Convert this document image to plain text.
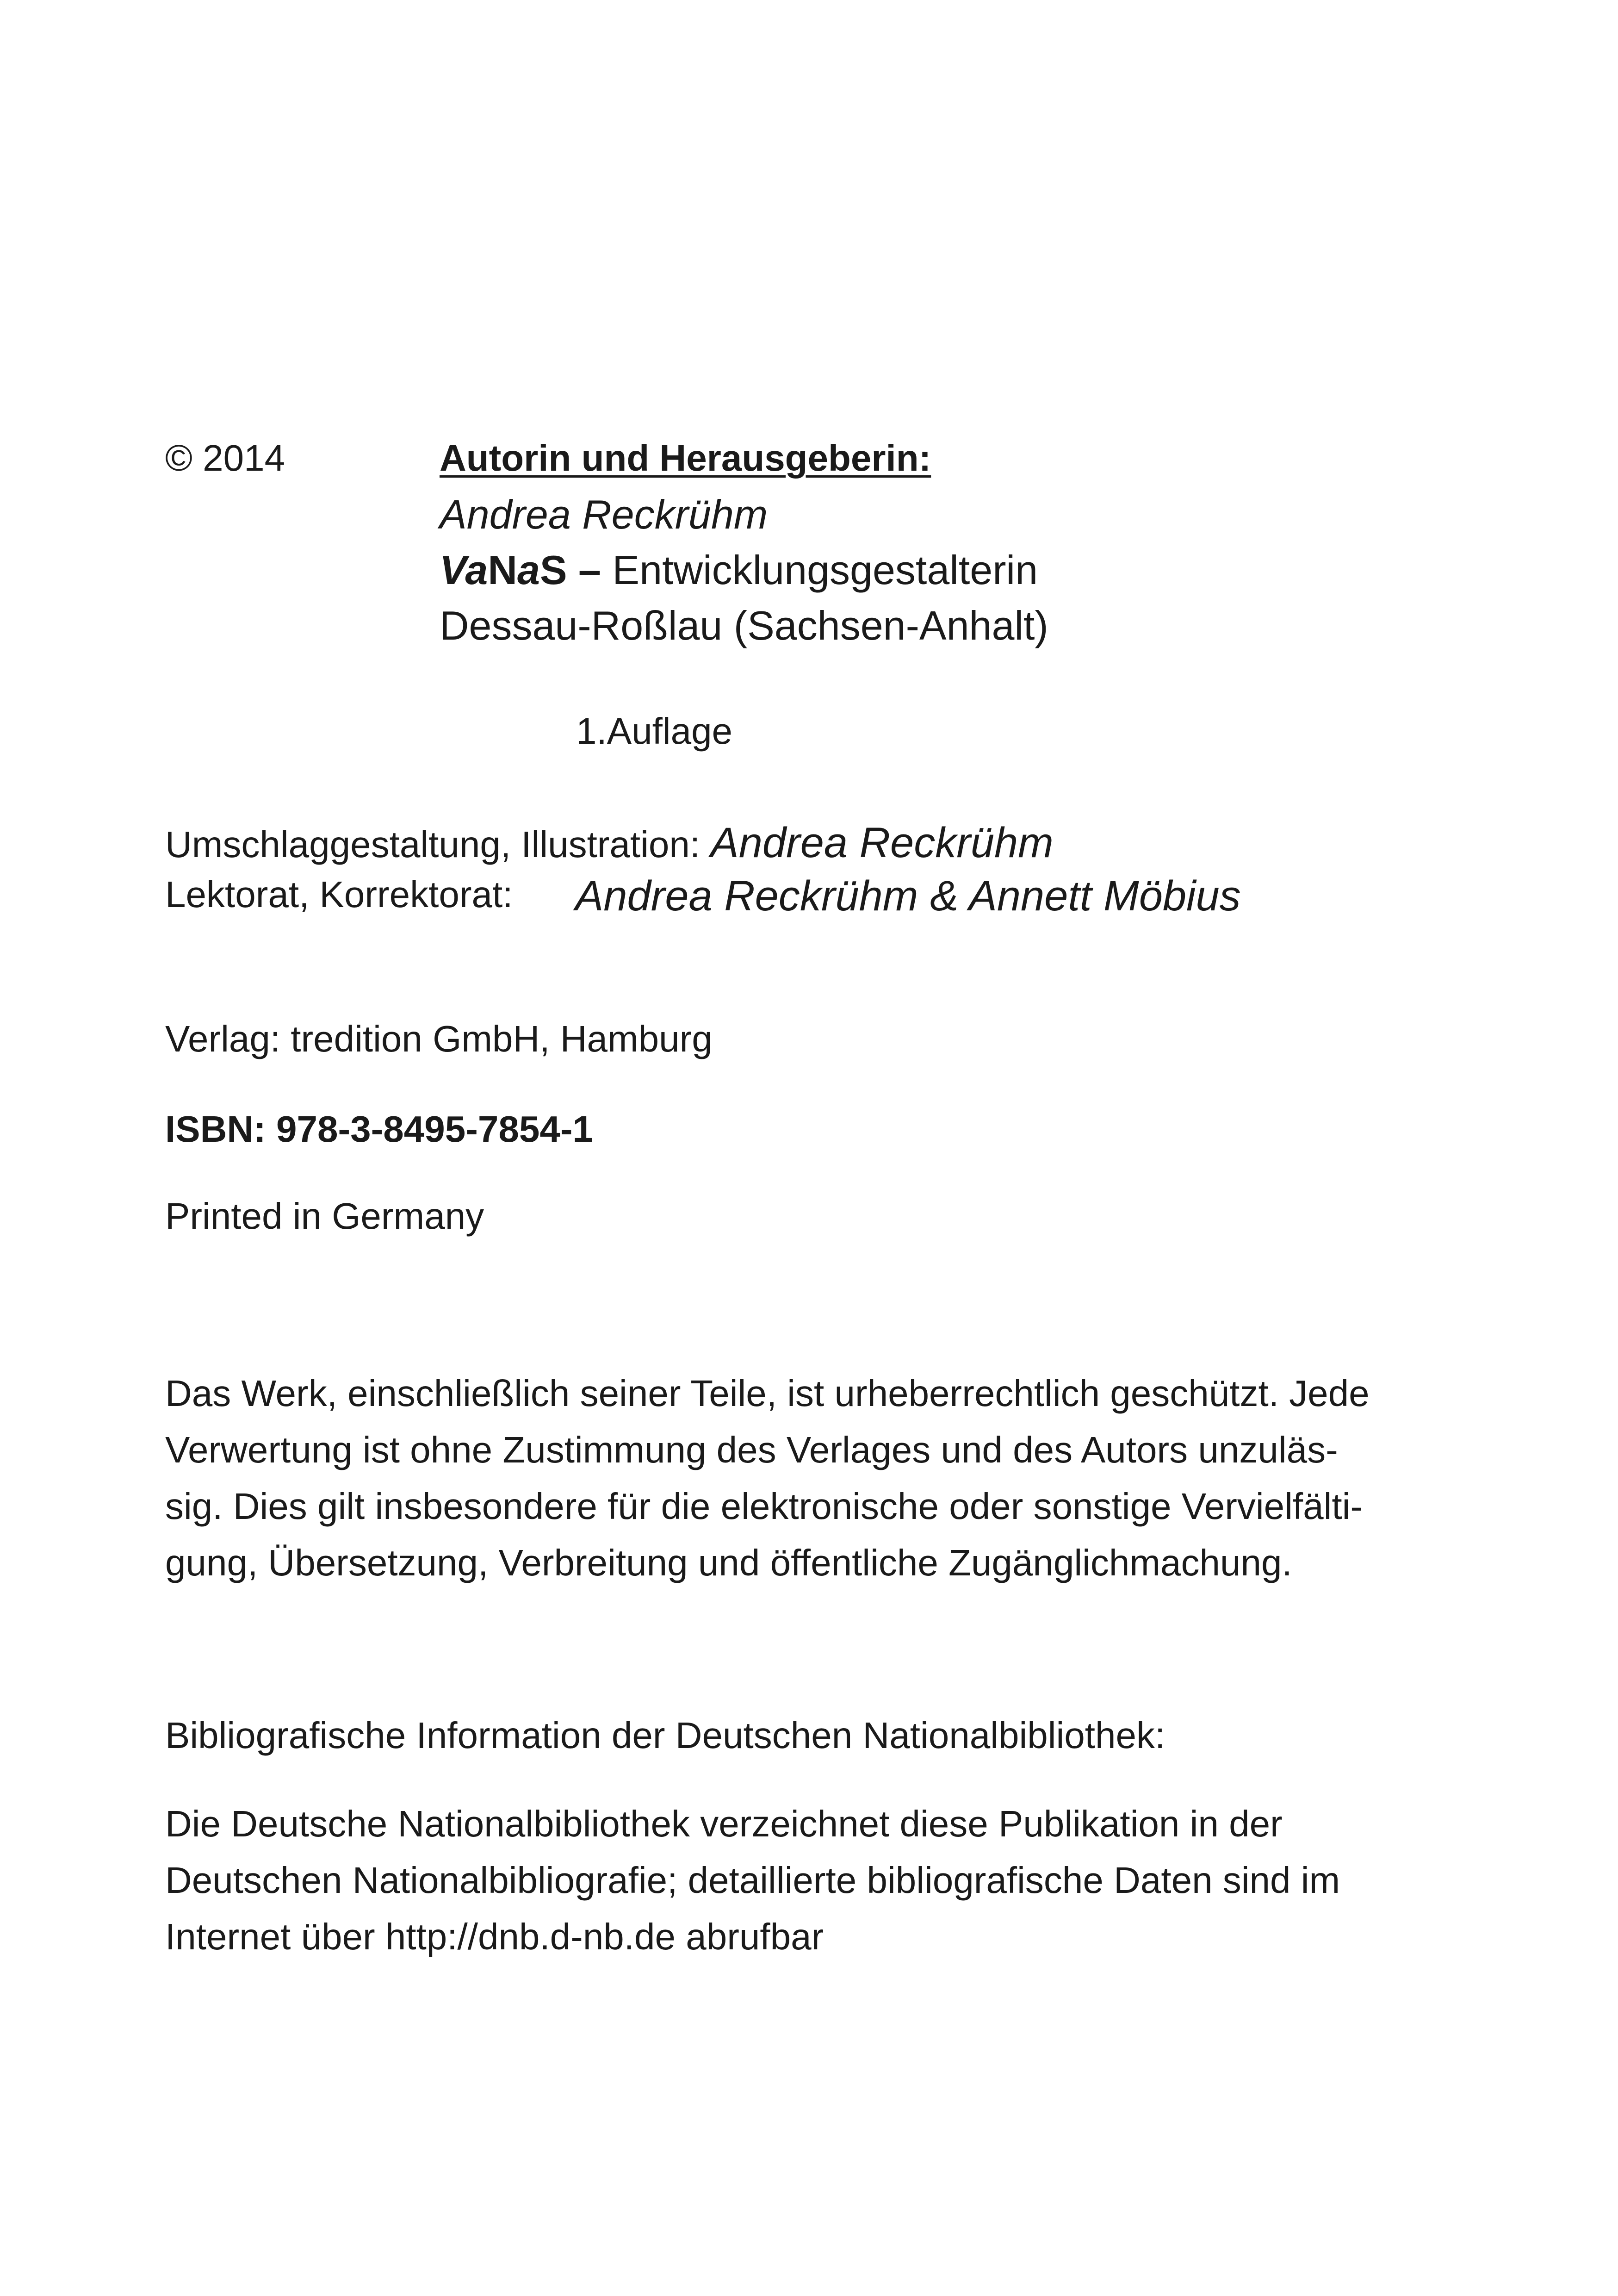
© 2014	Autorin und Herausgeberin:
Andrea Reckrühm
VaNaS – Entwicklungsgestalterin
Dessau-Roßlau (Sachsen-Anhalt)
1.Auflage
Umschlaggestaltung, Illustration: Andrea Reckrühm
Lektorat, Korrektorat: Andrea Reckrühm & Annett Möbius
Verlag: tredition GmbH, Hamburg
ISBN: 978-3-8495-7854-1
Printed in Germany

Das Werk, einschließlich seiner Teile, ist urheberrechtlich geschützt. Jede

Verwertung ist ohne Zustimmung des Verlages und des Autors unzuläs-

sig. Dies gilt insbesondere für die elektronische oder sonstige Vervielfälti-

gung, Übersetzung, Verbreitung und öffentliche Zugänglichmachung.

Bibliografische Information der Deutschen Nationalbibliothek:

Die Deutsche Nationalbibliothek verzeichnet diese Publikation in der

Deutschen Nationalbibliografie; detaillierte bibliografische Daten sind im

Internet über http://dnb.d-nb.de abrufbar
